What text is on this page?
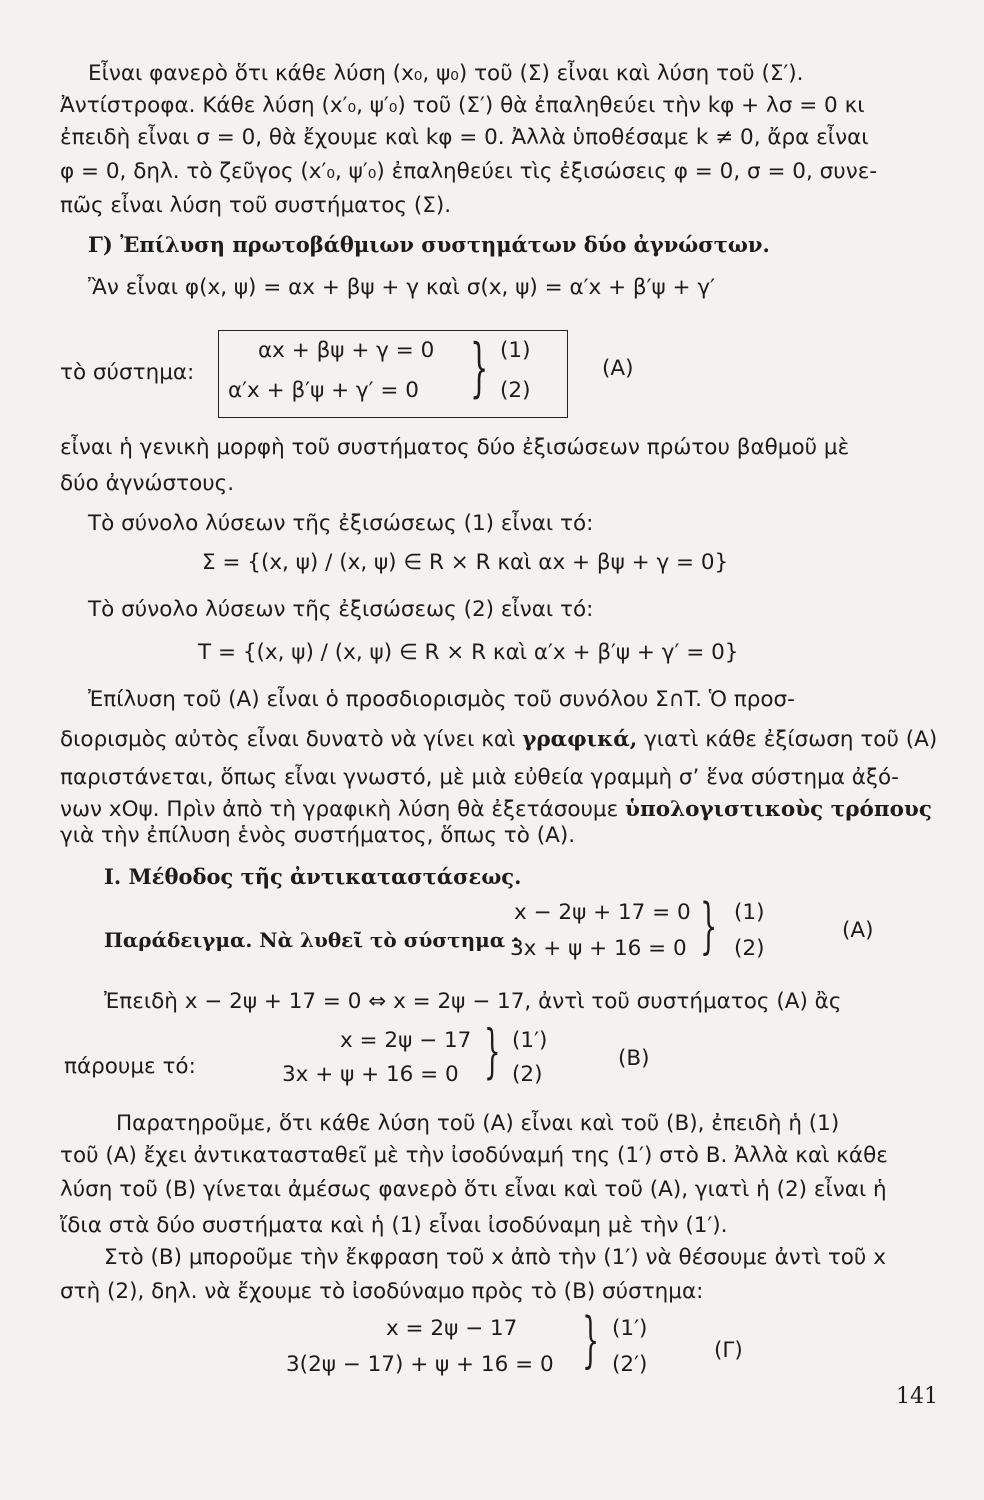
Εἶναι φανερὸ ὅτι κάθε λύση (x₀, ψ₀) τοῦ (Σ) εἶναι καὶ λύση τοῦ (Σ′).
Ἀντίστροφα. Κάθε λύση (x′₀, ψ′₀) τοῦ (Σ′) θὰ ἐπαληθεύει τὴν kφ + λσ = 0 κι
ἐπειδὴ εἶναι σ = 0, θὰ ἔχουμε καὶ kφ = 0. Ἀλλὰ ὑποθέσαμε k ≠ 0, ἄρα εἶναι
φ = 0, δηλ. τὸ ζεῦγος (x′₀, ψ′₀) ἐπαληθεύει τὶς ἐξισώσεις φ = 0, σ = 0, συνε-
πῶς εἶναι λύση τοῦ συστήματος (Σ).
Γ) Ἐπίλυση πρωτοβάθμιων συστημάτων δύο ἀγνώστων.
Ἂν εἶναι φ(x, ψ) = αx + βψ + γ καὶ σ(x, ψ) = α′x + β′ψ + γ′
τὸ σύστημα:
αx + βψ + γ = 0
α′x + β′ψ + γ′ = 0 } (1)
(2)
(A)
εἶναι ἡ γενικὴ μορφὴ τοῦ συστήματος δύο ἐξισώσεων πρώτου βαθμοῦ μὲ
δύο ἀγνώστους.
Τὸ σύνολο λύσεων τῆς ἐξισώσεως (1) εἶναι τό:
Σ = {(x, ψ) / (x, ψ) ∈ R × R καὶ αx + βψ + γ = 0}
Τὸ σύνολο λύσεων τῆς ἐξισώσεως (2) εἶναι τό:
T = {(x, ψ) / (x, ψ) ∈ R × R καὶ α′x + β′ψ + γ′ = 0}
Ἐπίλυση τοῦ (A) εἶναι ὁ προσδιορισμὸς τοῦ συνόλου Σ∩T. Ὁ προσ-
διορισμὸς αὐτὸς εἶναι δυνατὸ νὰ γίνει καὶ γραφικά, γιατὶ κάθε ἐξίσωση τοῦ (A)
παριστάνεται, ὅπως εἶναι γνωστό, μὲ μιὰ εὐθεία γραμμὴ σ’ ἕνα σύστημα ἀξό-
νων xOψ. Πρὶν ἀπὸ τὴ γραφικὴ λύση θὰ ἐξετάσουμε ὑπολογιστικοὺς τρόπους
γιὰ τὴν ἐπίλυση ἑνὸς συστήματος, ὅπως τὸ (A).
Ι. Μέθοδος τῆς ἀντικαταστάσεως.
Παράδειγμα. Νὰ λυθεῖ τὸ σύστημα :
x − 2ψ + 17 = 0
3x + ψ + 16 = 0 } (1)
(2)
(A)
Ἐπειδὴ x − 2ψ + 17 = 0 ⇔ x = 2ψ − 17, ἀντὶ τοῦ συστήματος (A) ἂς
πάρουμε τό:
x = 2ψ − 17
3x + ψ + 16 = 0 } (1′)
(2)
(B)
Παρατηροῦμε, ὅτι κάθε λύση τοῦ (A) εἶναι καὶ τοῦ (B), ἐπειδὴ ἡ (1)
τοῦ (A) ἔχει ἀντικατασταθεῖ μὲ τὴν ἰσοδύναμή της (1′) στὸ B. Ἀλλὰ καὶ κάθε
λύση τοῦ (B) γίνεται ἀμέσως φανερὸ ὅτι εἶναι καὶ τοῦ (A), γιατὶ ἡ (2) εἶναι ἡ
ἴδια στὰ δύο συστήματα καὶ ἡ (1) εἶναι ἰσοδύναμη μὲ τὴν (1′).
Στὸ (B) μποροῦμε τὴν ἔκφραση τοῦ x ἀπὸ τὴν (1′) νὰ θέσουμε ἀντὶ τοῦ x
στὴ (2), δηλ. νὰ ἔχουμε τὸ ἰσοδύναμο πρὸς τὸ (B) σύστημα:
x = 2ψ − 17
3(2ψ − 17) + ψ + 16 = 0 } (1′)
(2′)
(Γ)
141
